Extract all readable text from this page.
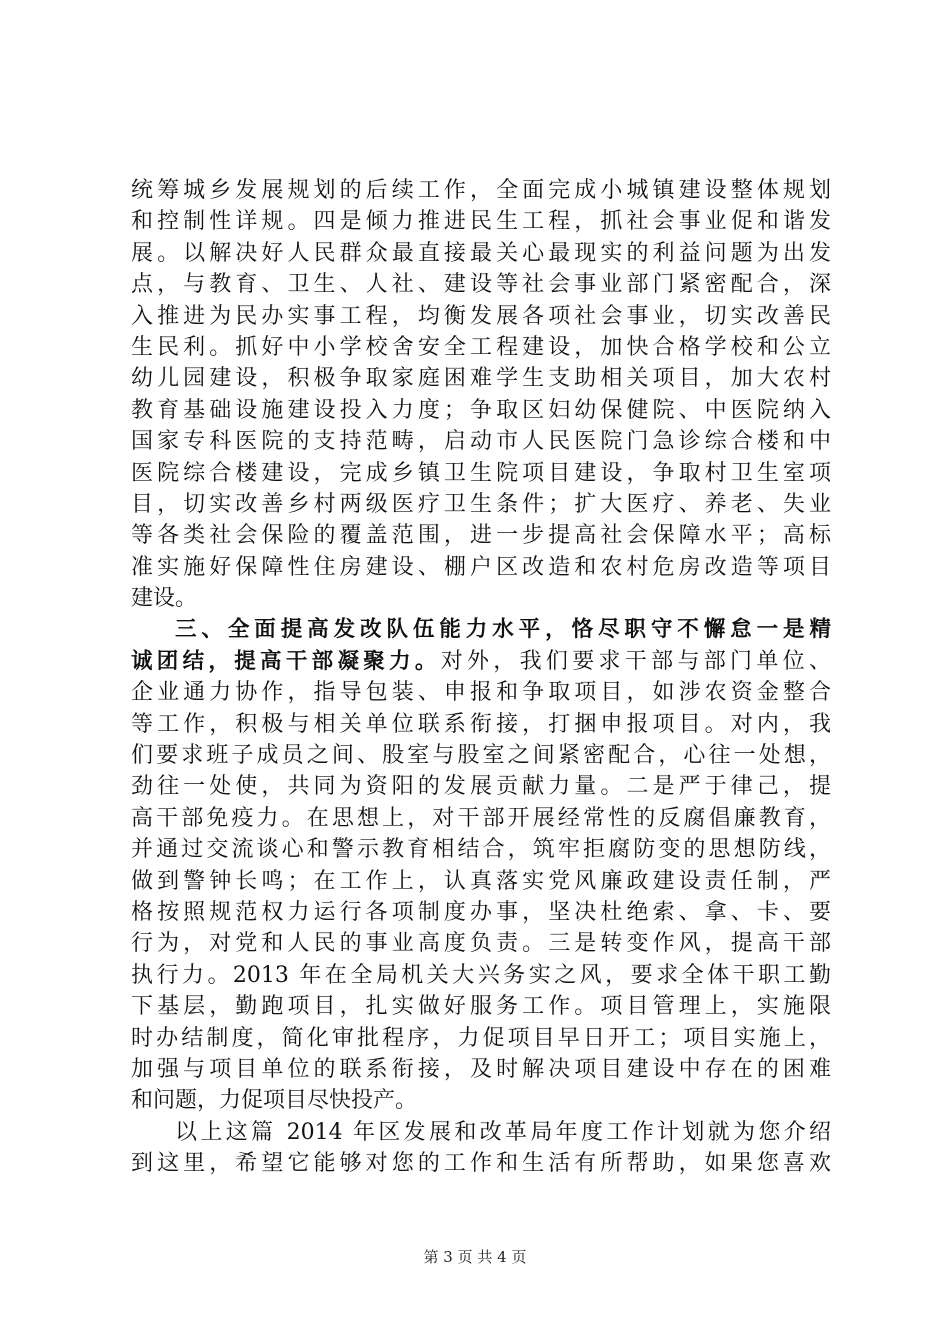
统筹城乡发展规划的后续工作，全面完成小城镇建设整体规划
和控制性详规。四是倾力推进民生工程，抓社会事业促和谐发
展。以解决好人民群众最直接最关心最现实的利益问题为出发
点，与教育、卫生、人社、建设等社会事业部门紧密配合，深
入推进为民办实事工程，均衡发展各项社会事业，切实改善民
生民利。抓好中小学校舍安全工程建设，加快合格学校和公立
幼儿园建设，积极争取家庭困难学生支助相关项目，加大农村
教育基础设施建设投入力度；争取区妇幼保健院、中医院纳入
国家专科医院的支持范畴，启动市人民医院门急诊综合楼和中
医院综合楼建设，完成乡镇卫生院项目建设，争取村卫生室项
目，切实改善乡村两级医疗卫生条件；扩大医疗、养老、失业
等各类社会保险的覆盖范围，进一步提高社会保障水平；高标
准实施好保障性住房建设、棚户区改造和农村危房改造等项目
建设。
三、全面提高发改队伍能力水平，恪尽职守不懈怠一是精
诚团结，提高干部凝聚力。对外，我们要求干部与部门单位、
企业通力协作，指导包装、申报和争取项目，如涉农资金整合
等工作，积极与相关单位联系衔接，打捆申报项目。对内，我
们要求班子成员之间、股室与股室之间紧密配合，心往一处想，
劲往一处使，共同为资阳的发展贡献力量。二是严于律己，提
高干部免疫力。在思想上，对干部开展经常性的反腐倡廉教育，
并通过交流谈心和警示教育相结合，筑牢拒腐防变的思想防线，
做到警钟长鸣；在工作上，认真落实党风廉政建设责任制，严
格按照规范权力运行各项制度办事，坚决杜绝索、拿、卡、要
行为，对党和人民的事业高度负责。三是转变作风，提高干部
执行力。2013 年在全局机关大兴务实之风，要求全体干职工勤
下基层，勤跑项目，扎实做好服务工作。项目管理上，实施限
时办结制度，简化审批程序，力促项目早日开工；项目实施上，
加强与项目单位的联系衔接，及时解决项目建设中存在的困难
和问题，力促项目尽快投产。
以上这篇 2014 年区发展和改革局年度工作计划就为您介绍
到这里，希望它能够对您的工作和生活有所帮助，如果您喜欢
第 3 页 共 4 页
